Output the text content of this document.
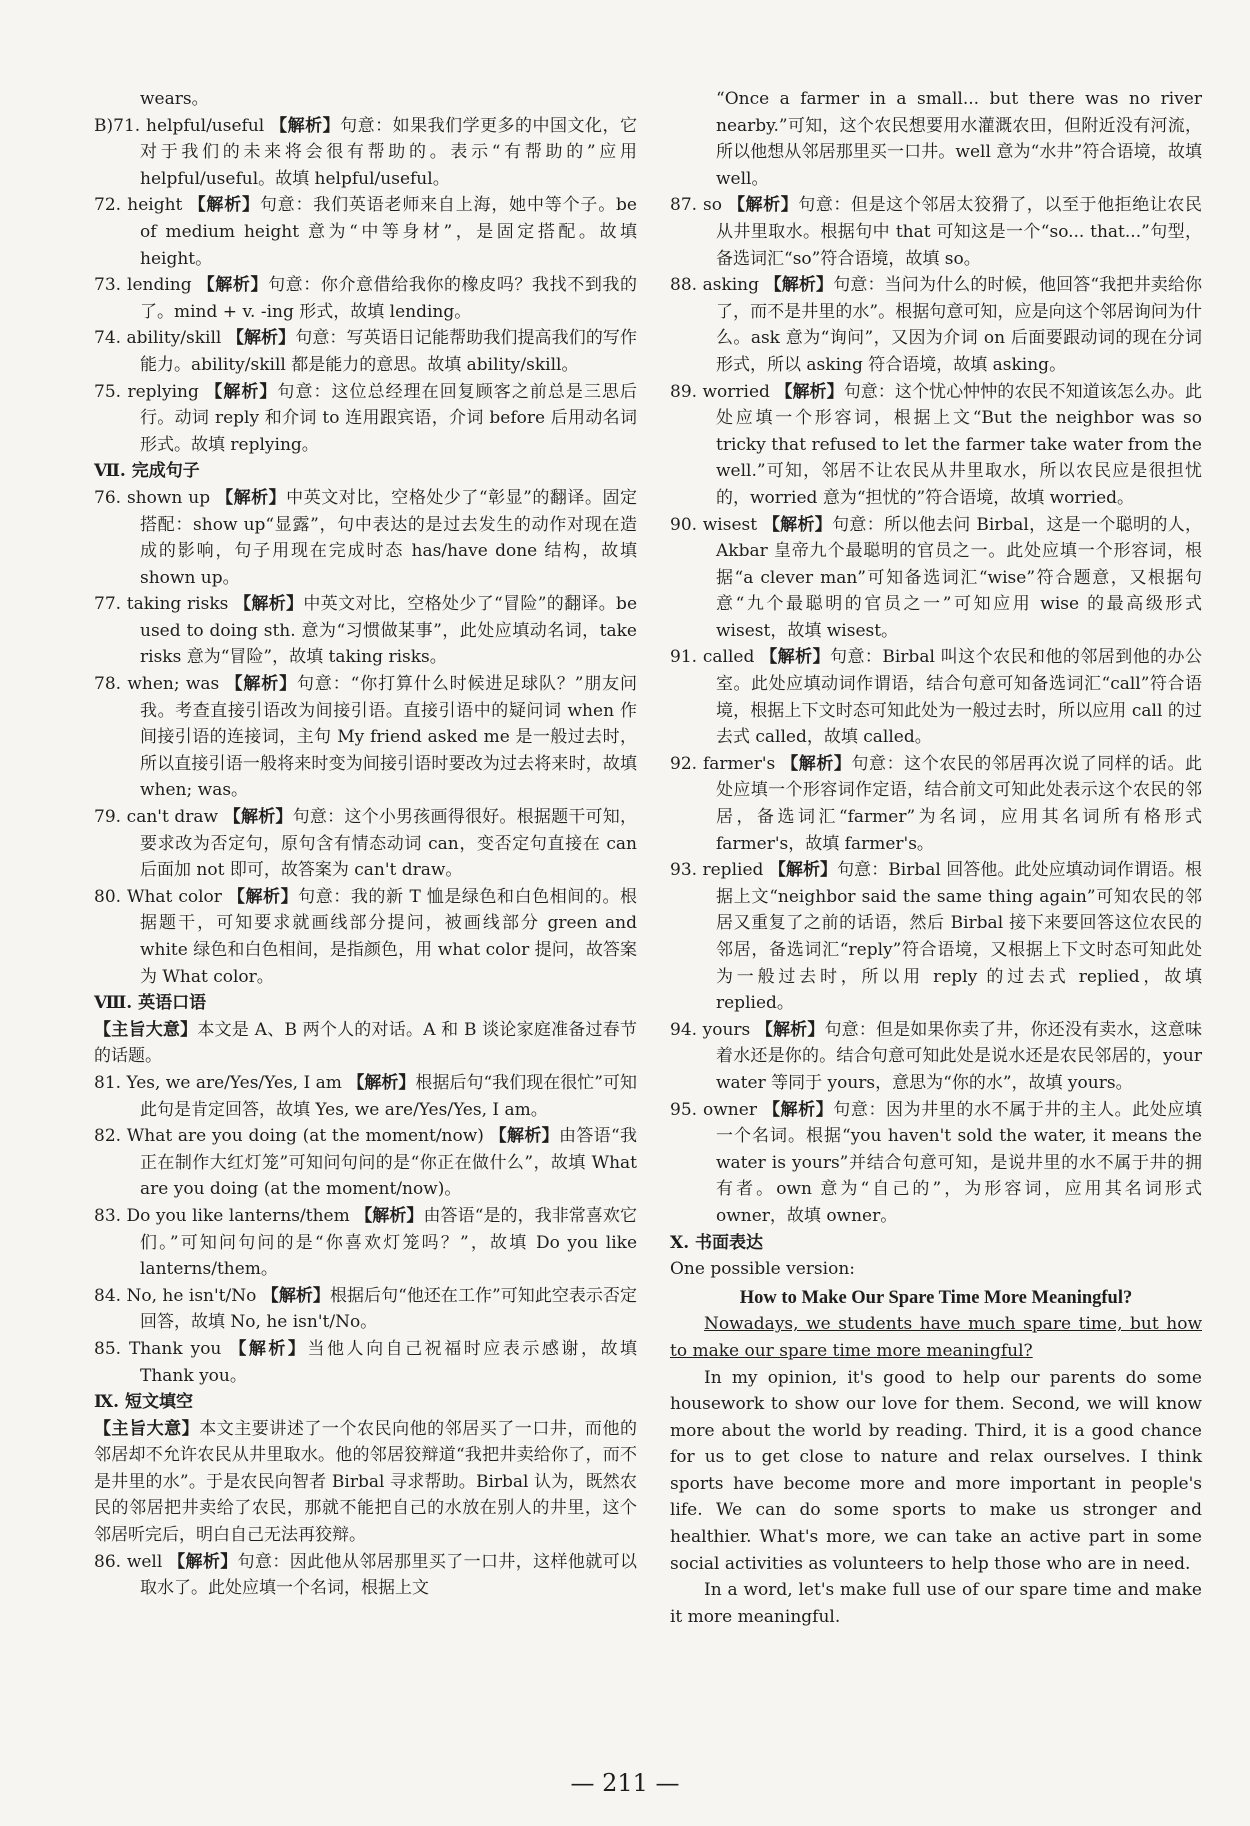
wears。

B)71. helpful/useful 【解析】句意：如果我们学更多的中国文化，它对于我们的未来将会很有帮助的。表示“有帮助的”应用 helpful/useful。故填 helpful/useful。

72. height 【解析】句意：我们英语老师来自上海，她中等个子。be of medium height 意为“中等身材”，是固定搭配。故填 height。

73. lending 【解析】句意：你介意借给我你的橡皮吗？我找不到我的了。mind + v. -ing 形式，故填 lending。

74. ability/skill 【解析】句意：写英语日记能帮助我们提高我们的写作能力。ability/skill 都是能力的意思。故填 ability/skill。

75. replying 【解析】句意：这位总经理在回复顾客之前总是三思后行。动词 reply 和介词 to 连用跟宾语，介词 before 后用动名词形式。故填 replying。

Ⅶ. 完成句子

76. shown up 【解析】中英文对比，空格处少了“彰显”的翻译。固定搭配：show up“显露”，句中表达的是过去发生的动作对现在造成的影响，句子用现在完成时态 has/have done 结构，故填 shown up。

77. taking risks 【解析】中英文对比，空格处少了“冒险”的翻译。be used to doing sth. 意为“习惯做某事”，此处应填动名词，take risks 意为“冒险”，故填 taking risks。

78. when; was 【解析】句意：“你打算什么时候进足球队？”朋友问我。考查直接引语改为间接引语。直接引语中的疑问词 when 作间接引语的连接词，主句 My friend asked me 是一般过去时，所以直接引语一般将来时变为间接引语时要改为过去将来时，故填 when; was。

79. can't draw 【解析】句意：这个小男孩画得很好。根据题干可知，要求改为否定句，原句含有情态动词 can，变否定句直接在 can 后面加 not 即可，故答案为 can't draw。

80. What color 【解析】句意：我的新 T 恤是绿色和白色相间的。根据题干，可知要求就画线部分提问，被画线部分 green and white 绿色和白色相间，是指颜色，用 what color 提问，故答案为 What color。

Ⅷ. 英语口语

【主旨大意】本文是 A、B 两个人的对话。A 和 B 谈论家庭准备过春节的话题。

81. Yes, we are/Yes/Yes, I am 【解析】根据后句“我们现在很忙”可知此句是肯定回答，故填 Yes, we are/Yes/Yes, I am。

82. What are you doing (at the moment/now) 【解析】由答语“我正在制作大红灯笼”可知问句问的是“你正在做什么”，故填 What are you doing (at the moment/now)。

83. Do you like lanterns/them 【解析】由答语“是的，我非常喜欢它们。”可知问句问的是“你喜欢灯笼吗？”，故填 Do you like lanterns/them。

84. No, he isn't/No 【解析】根据后句“他还在工作”可知此空表示否定回答，故填 No, he isn't/No。

85. Thank you 【解析】当他人向自己祝福时应表示感谢，故填 Thank you。

Ⅸ. 短文填空

【主旨大意】本文主要讲述了一个农民向他的邻居买了一口井，而他的邻居却不允许农民从井里取水。他的邻居狡辩道“我把井卖给你了，而不是井里的水”。于是农民向智者 Birbal 寻求帮助。Birbal 认为，既然农民的邻居把井卖给了农民，那就不能把自己的水放在别人的井里，这个邻居听完后，明白自己无法再狡辩。

86. well 【解析】句意：因此他从邻居那里买了一口井，这样他就可以取水了。此处应填一个名词，根据上文

“Once a farmer in a small... but there was no river nearby.”可知，这个农民想要用水灌溉农田，但附近没有河流，所以他想从邻居那里买一口井。well 意为“水井”符合语境，故填 well。

87. so 【解析】句意：但是这个邻居太狡猾了，以至于他拒绝让农民从井里取水。根据句中 that 可知这是一个“so... that...”句型，备选词汇“so”符合语境，故填 so。

88. asking 【解析】句意：当问为什么的时候，他回答“我把井卖给你了，而不是井里的水”。根据句意可知，应是向这个邻居询问为什么。ask 意为“询问”，又因为介词 on 后面要跟动词的现在分词形式，所以 asking 符合语境，故填 asking。

89. worried 【解析】句意：这个忧心忡忡的农民不知道该怎么办。此处应填一个形容词，根据上文“But the neighbor was so tricky that refused to let the farmer take water from the well.”可知，邻居不让农民从井里取水，所以农民应是很担忧的，worried 意为“担忧的”符合语境，故填 worried。

90. wisest 【解析】句意：所以他去问 Birbal，这是一个聪明的人，Akbar 皇帝九个最聪明的官员之一。此处应填一个形容词，根据“a clever man”可知备选词汇“wise”符合题意，又根据句意“九个最聪明的官员之一”可知应用 wise 的最高级形式 wisest，故填 wisest。

91. called 【解析】句意：Birbal 叫这个农民和他的邻居到他的办公室。此处应填动词作谓语，结合句意可知备选词汇“call”符合语境，根据上下文时态可知此处为一般过去时，所以应用 call 的过去式 called，故填 called。

92. farmer's 【解析】句意：这个农民的邻居再次说了同样的话。此处应填一个形容词作定语，结合前文可知此处表示这个农民的邻居，备选词汇“farmer”为名词，应用其名词所有格形式 farmer's，故填 farmer's。

93. replied 【解析】句意：Birbal 回答他。此处应填动词作谓语。根据上文“neighbor said the same thing again”可知农民的邻居又重复了之前的话语，然后 Birbal 接下来要回答这位农民的邻居，备选词汇“reply”符合语境，又根据上下文时态可知此处为一般过去时，所以用 reply 的过去式 replied，故填 replied。

94. yours 【解析】句意：但是如果你卖了井，你还没有卖水，这意味着水还是你的。结合句意可知此处是说水还是农民邻居的，your water 等同于 yours，意思为“你的水”，故填 yours。

95. owner 【解析】句意：因为井里的水不属于井的主人。此处应填一个名词。根据“you haven't sold the water, it means the water is yours”并结合句意可知，是说井里的水不属于井的拥有者。own 意为“自己的”，为形容词，应用其名词形式 owner，故填 owner。

Ⅹ. 书面表达

One possible version:

How to Make Our Spare Time More Meaningful?

Nowadays, we students have much spare time, but how to make our spare time more meaningful?

In my opinion, it's good to help our parents do some housework to show our love for them. Second, we will know more about the world by reading. Third, it is a good chance for us to get close to nature and relax ourselves. I think sports have become more and more important in people's life. We can do some sports to make us stronger and healthier. What's more, we can take an active part in some social activities as volunteers to help those who are in need.

In a word, let's make full use of our spare time and make it more meaningful.

— 211 —
